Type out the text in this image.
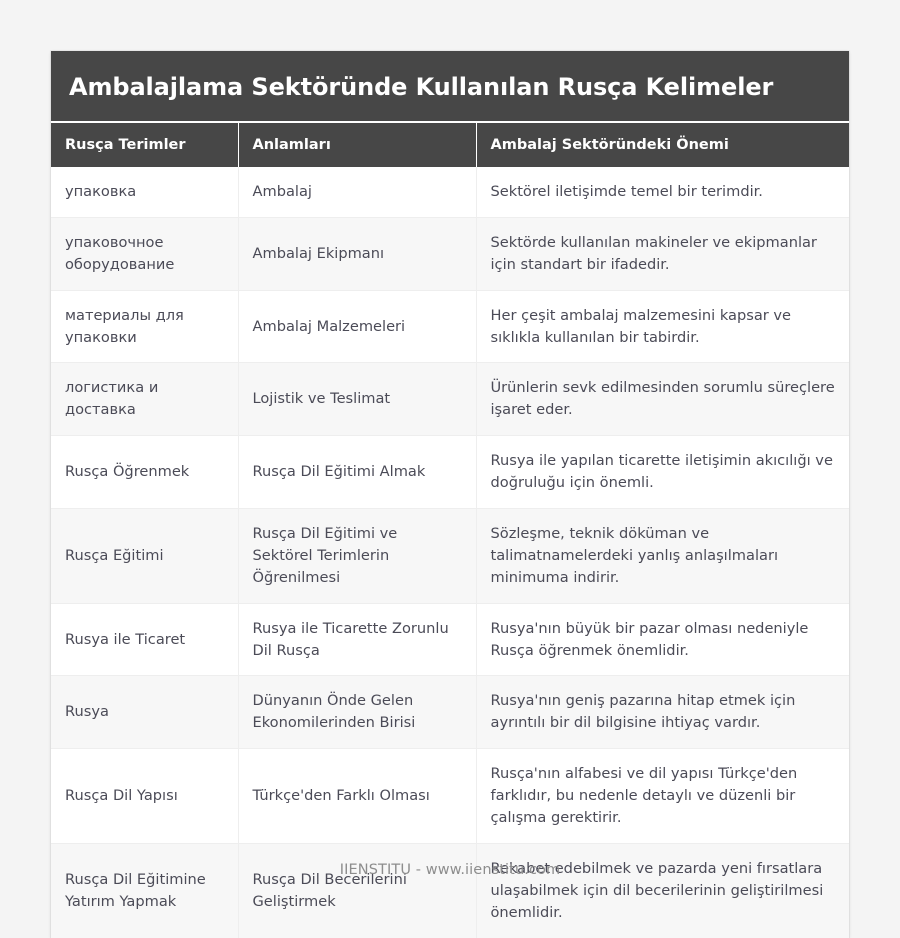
Ambalajlama Sektöründe Kullanılan Rusça Kelimeler
Rusça Terimler	Anlamları	Ambalaj Sektöründeki Önemi
упаковка	Ambalaj	Sektörel iletişimde temel bir terimdir.
упаковочное оборудование	Ambalaj Ekipmanı	Sektörde kullanılan makineler ve ekipmanlar için standart bir ifadedir.
материалы для упаковки	Ambalaj Malzemeleri	Her çeşit ambalaj malzemesini kapsar ve sıklıkla kullanılan bir tabirdir.
логистика и доставка	Lojistik ve Teslimat	Ürünlerin sevk edilmesinden sorumlu süreçlere işaret eder.
Rusça Öğrenmek	Rusça Dil Eğitimi Almak	Rusya ile yapılan ticarette iletişimin akıcılığı ve doğruluğu için önemli.
Rusça Eğitimi	Rusça Dil Eğitimi ve Sektörel Terimlerin Öğrenilmesi	Sözleşme, teknik döküman ve talimatnamelerdeki yanlış anlaşılmaları minimuma indirir.
Rusya ile Ticaret	Rusya ile Ticarette Zorunlu Dil Rusça	Rusya'nın büyük bir pazar olması nedeniyle Rusça öğrenmek önemlidir.
Rusya	Dünyanın Önde Gelen Ekonomilerinden Birisi	Rusya'nın geniş pazarına hitap etmek için ayrıntılı bir dil bilgisine ihtiyaç vardır.
Rusça Dil Yapısı	Türkçe'den Farklı Olması	Rusça'nın alfabesi ve dil yapısı Türkçe'den farklıdır, bu nedenle detaylı ve düzenli bir çalışma gerektirir.
Rusça Dil Eğitimine Yatırım Yapmak	Rusça Dil Becerilerini Geliştirmek	Rekabet edebilmek ve pazarda yeni fırsatlara ulaşabilmek için dil becerilerinin geliştirilmesi önemlidir.
IIENSTITU - www.iienstitu.com
